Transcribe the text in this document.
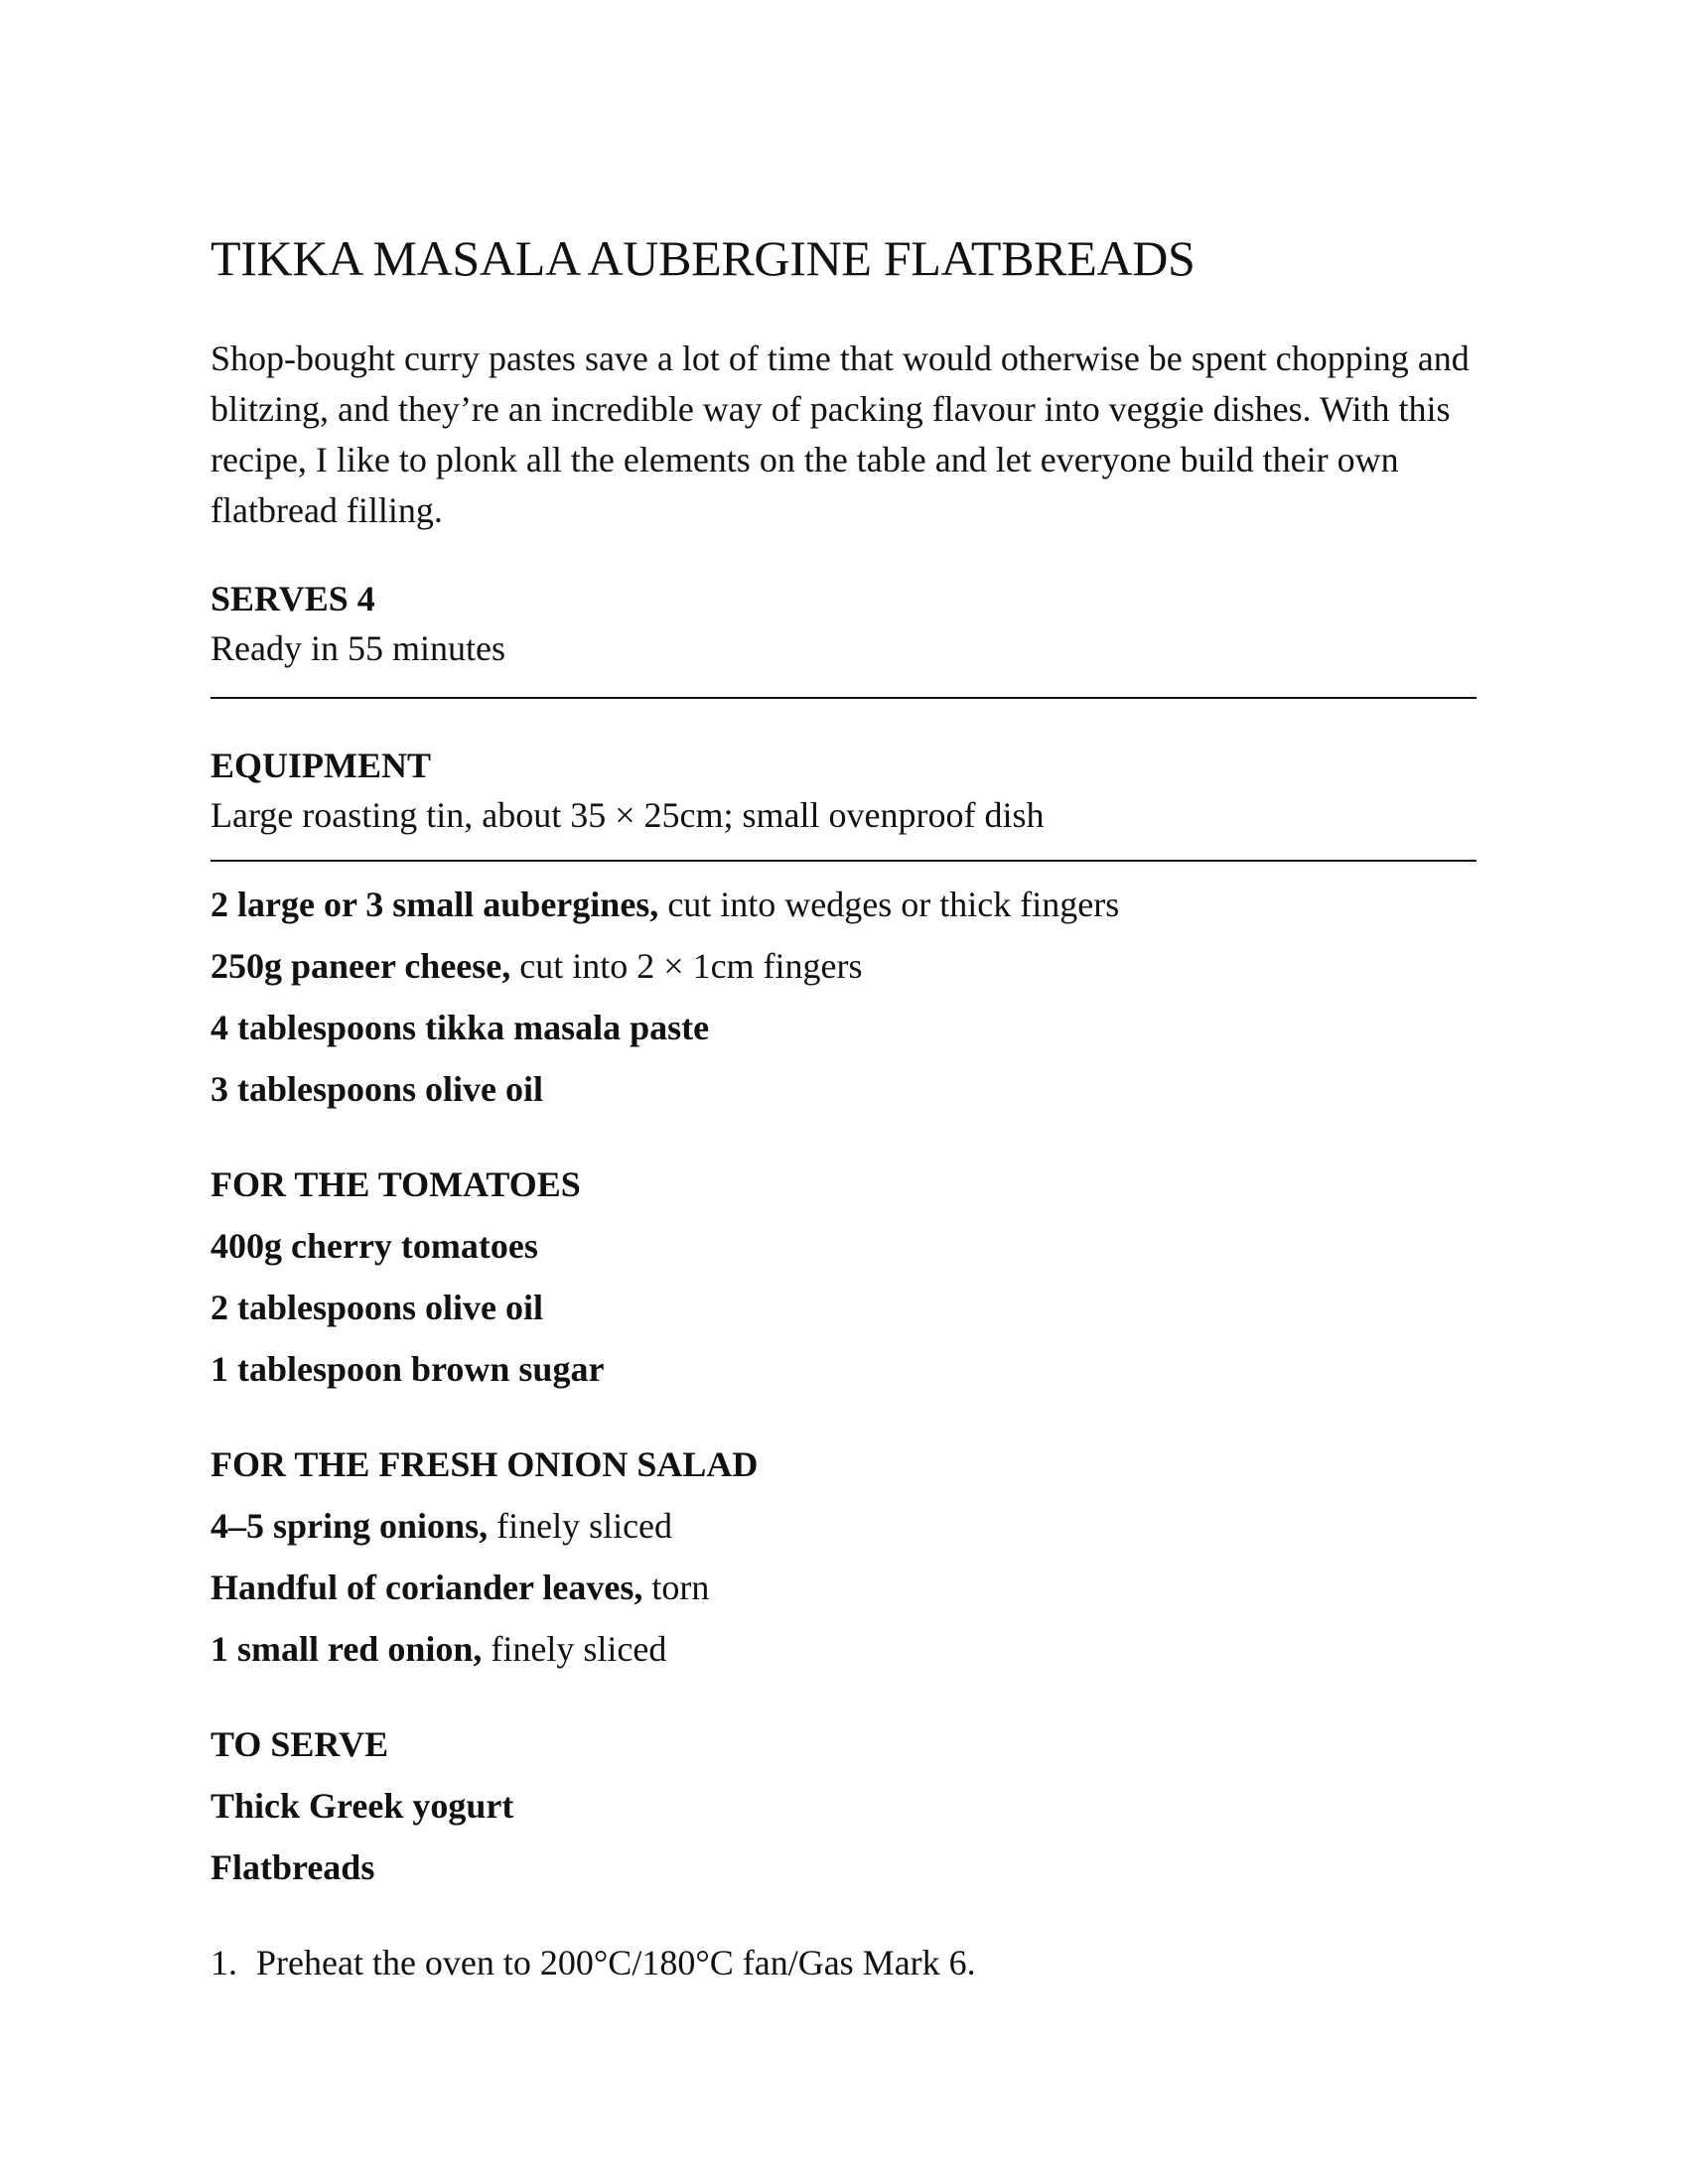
TIKKA MASALA AUBERGINE FLATBREADS

Shop-bought curry pastes save a lot of time that would otherwise be spent chopping and blitzing, and they’re an incredible way of packing flavour into veggie dishes. With this recipe, I like to plonk all the elements on the table and let everyone build their own flatbread filling.

SERVES 4
Ready in 55 minutes
EQUIPMENT
Large roasting tin, about 35 × 25cm; small ovenproof dish
2 large or 3 small aubergines, cut into wedges or thick fingers
250g paneer cheese, cut into 2 × 1cm fingers
4 tablespoons tikka masala paste
3 tablespoons olive oil
FOR THE TOMATOES
400g cherry tomatoes
2 tablespoons olive oil
1 tablespoon brown sugar
FOR THE FRESH ONION SALAD
4–5 spring onions, finely sliced
Handful of coriander leaves, torn
1 small red onion, finely sliced
TO SERVE
Thick Greek yogurt
Flatbreads
1. Preheat the oven to 200°C/180°C fan/Gas Mark 6.
